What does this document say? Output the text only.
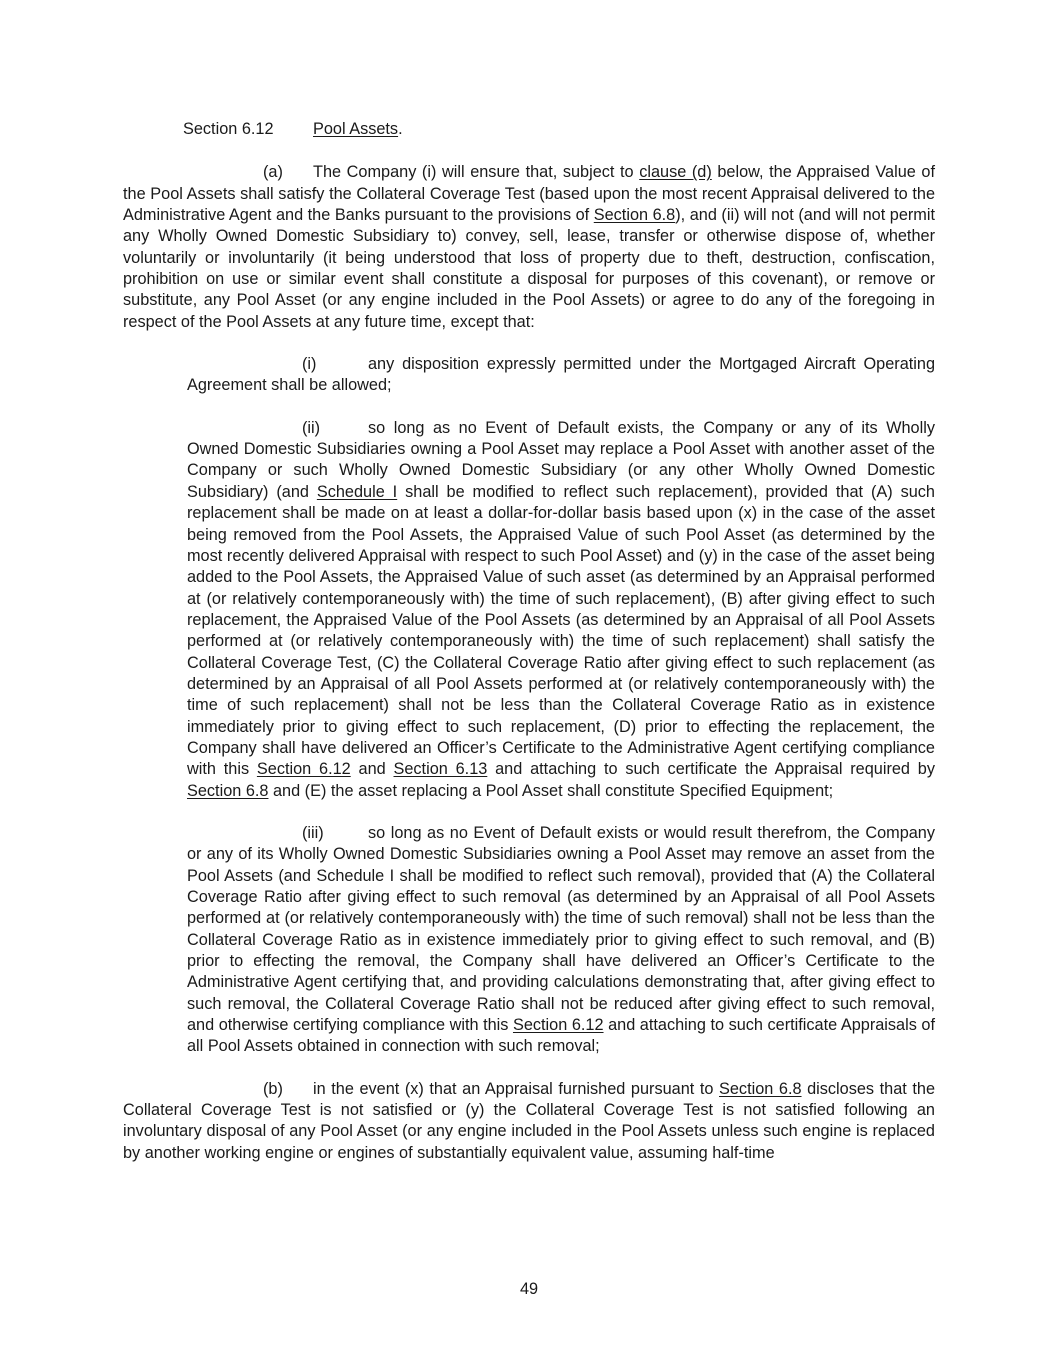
Section 6.12 Pool Assets.

(a) The Company (i) will ensure that, subject to clause (d) below, the Appraised Value of the Pool Assets shall satisfy the Collateral Coverage Test (based upon the most recent Appraisal delivered to the Administrative Agent and the Banks pursuant to the provisions of Section 6.8), and (ii) will not (and will not permit any Wholly Owned Domestic Subsidiary to) convey, sell, lease, transfer or otherwise dispose of, whether voluntarily or involuntarily (it being understood that loss of property due to theft, destruction, confiscation, prohibition on use or similar event shall constitute a disposal for purposes of this covenant), or remove or substitute, any Pool Asset (or any engine included in the Pool Assets) or agree to do any of the foregoing in respect of the Pool Assets at any future time, except that:
(i)	any disposition expressly permitted under the Mortgaged Aircraft Operating Agreement shall be allowed;
(ii)	so long as no Event of Default exists, the Company or any of its Wholly Owned Domestic Subsidiaries owning a Pool Asset may replace a Pool Asset with another asset of the Company or such Wholly Owned Domestic Subsidiary (or any other Wholly Owned Domestic Subsidiary) (and Schedule I shall be modified to reflect such replacement), provided that (A) such replacement shall be made on at least a dollar-for-dollar basis based upon (x) in the case of the asset being removed from the Pool Assets, the Appraised Value of such Pool Asset (as determined by the most recently delivered Appraisal with respect to such Pool Asset) and (y) in the case of the asset being added to the Pool Assets, the Appraised Value of such asset (as determined by an Appraisal performed at (or relatively contemporaneously with) the time of such replacement), (B) after giving effect to such replacement, the Appraised Value of the Pool Assets (as determined by an Appraisal of all Pool Assets performed at (or relatively contemporaneously with) the time of such replacement) shall satisfy the Collateral Coverage Test, (C) the Collateral Coverage Ratio after giving effect to such replacement (as determined by an Appraisal of all Pool Assets performed at (or relatively contemporaneously with) the time of such replacement) shall not be less than the Collateral Coverage Ratio as in existence immediately prior to giving effect to such replacement, (D) prior to effecting the replacement, the Company shall have delivered an Officer’s Certificate to the Administrative Agent certifying compliance with this Section 6.12 and Section 6.13 and attaching to such certificate the Appraisal required by Section 6.8 and (E) the asset replacing a Pool Asset shall constitute Specified Equipment;
(iii)	so long as no Event of Default exists or would result therefrom, the Company or any of its Wholly Owned Domestic Subsidiaries owning a Pool Asset may remove an asset from the Pool Assets (and Schedule I shall be modified to reflect such removal), provided that (A) the Collateral Coverage Ratio after giving effect to such removal (as determined by an Appraisal of all Pool Assets performed at (or relatively contemporaneously with) the time of such removal) shall not be less than the Collateral Coverage Ratio as in existence immediately prior to giving effect to such removal, and (B) prior to effecting the removal, the Company shall have delivered an Officer’s Certificate to the Administrative Agent certifying that, and providing calculations demonstrating that, after giving effect to such removal, the Collateral Coverage Ratio shall not be reduced after giving effect to such removal, and otherwise certifying compliance with this Section 6.12 and attaching to such certificate Appraisals of all Pool Assets obtained in connection with such removal;
(b) in the event (x) that an Appraisal furnished pursuant to Section 6.8 discloses that the Collateral Coverage Test is not satisfied or (y) the Collateral Coverage Test is not satisfied following an involuntary disposal of any Pool Asset (or any engine included in the Pool Assets unless such engine is replaced by another working engine or engines of substantially equivalent value, assuming half-time
49
